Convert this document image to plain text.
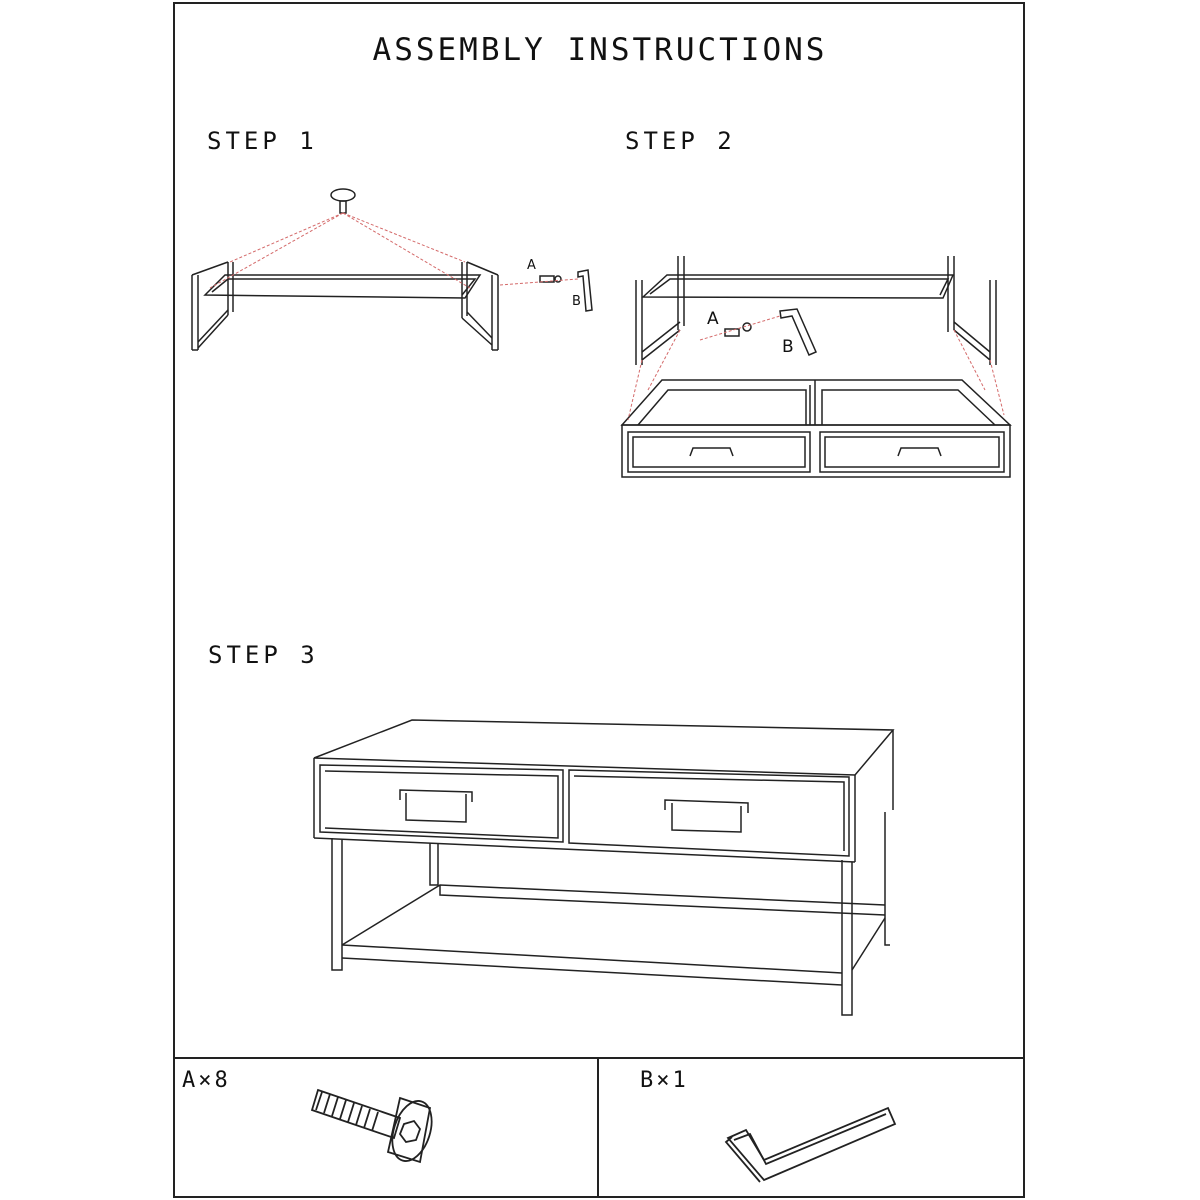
A
B
A
B
ASSEMBLY INSTRUCTIONS
STEP 1	STEP 2
STEP 3
A×8	B×1
